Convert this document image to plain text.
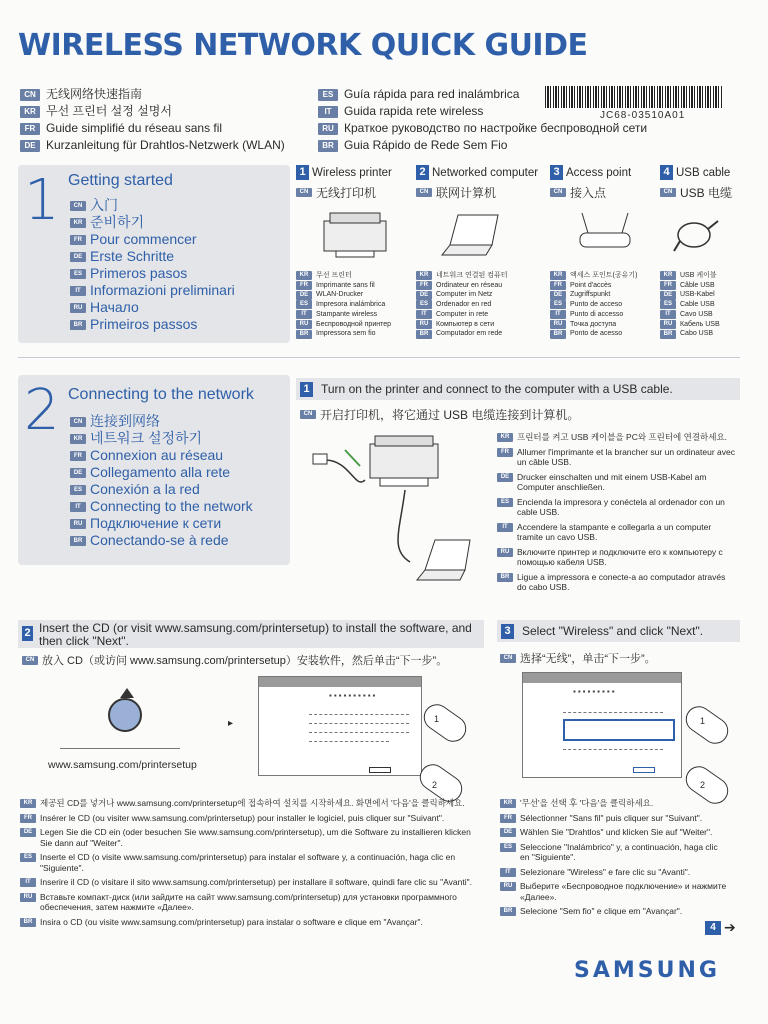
WIRELESS NETWORK QUICK GUIDE
CN 无线网络快速指南
KR 무선 프린터 설정 설명서
FR Guide simplifié du réseau sans fil
DE Kurzanleitung für Drahtlos-Netzwerk (WLAN)
ES Guía rápida para red inalámbrica
IT	Guida rapida rete wireless
RU Краткое руководство по настройке беспроводной сети
BR Guia Rápido de Rede Sem Fio
JC68-03510A01
1 Getting started
CN 入门
KR 준비하기
FR Pour commencer
DE Erste Schritte
ES Primeros pasos
IT Informazioni preliminari
RU Начало
BR Primeiros passos
1 Wireless printer
CN 无线打印机
KR	무선 프린터
FR	Imprimante sans fil
DE	WLAN-Drucker
ES	Impresora inalámbrica
IT	Stampante wireless
RU	Беспроводной принтер
BR	Impressora sem fio
2 Networked computer
CN 联网计算机
KR	네트워크 연결된 컴퓨터
FR	Ordinateur en réseau
DE	Computer im Netz
ES	Ordenador en red
IT	Computer in rete
RU	Компьютер в сети
BR	Computador em rede
3 Access point
CN 接入点
KR	액세스 포인트(공유기)
FR	Point d'accès
DE	Zugriffspunkt
ES	Punto de acceso
IT	Punto di accesso
RU	Точка доступа
BR	Ponto de acesso
4 USB cable
CN USB 电缆
KR	USB 케이블
FR	Câble USB
DE	USB-Kabel
ES	Cable USB
IT	Cavo USB
RU	Кабель USB
BR	Cabo USB
2 Connecting to the network
CN 连接到网络
KR 네트워크 설정하기
FR Connexion au réseau
DE Collegamento alla rete
ES Conexión a la red
IT Connecting to the network
RU Подключение к сети
BR Conectando-se à rede
1 Turn on the printer and connect to the computer with a USB cable.
CN 开启打印机，将它通过 USB 电缆连接到计算机。
KR 프린터를 켜고 USB 케이블을 PC와 프린터에 연결하세요.
FR Allumer l'imprimante et la brancher sur un ordinateur avec un câble USB.
DE Drucker einschalten und mit einem USB-Kabel am Computer anschließen.
ES Encienda la impresora y conéctela al ordenador con un cable USB.
IT	Accendere la stampante e collegarla a un computer tramite un cavo USB.
RU Включите принтер и подключите его к компьютеру с помощью кабеля USB.
BR Ligue a impressora e conecte-a ao computador através do cabo USB.
2 Insert the CD (or visit www.samsung.com/printersetup) to install the software, and then click "Next".
CN 放入 CD（或访问 www.samsung.com/printersetup）安装软件，然后单击“下一步”。
www.samsung.com/printersetup
▸
▪▪▪▪▪▪▪▪▪▪
1
2
KR 제공된 CD를 넣거나 www.samsung.com/printersetup에 접속하여 설치를 시작하세요. 화면에서 '다음'을 클릭하세요.
FR Insérer le CD (ou visiter www.samsung.com/printersetup) pour installer le logiciel, puis cliquer sur "Suivant".
DE Legen Sie die CD ein (oder besuchen Sie www.samsung.com/printersetup), um die Software zu installieren klicken Sie dann auf "Weiter".
ES Inserte el CD (o visite www.samsung.com/printersetup) para instalar el software y, a continuación, haga clic en "Siguiente".
IT	Inserire il CD (o visitare il sito www.samsung.com/printersetup) per installare il software, quindi fare clic su "Avanti".
RU Вставьте компакт-диск (или зайдите на сайт www.samsung.com/printersetup) для установки программного обеспечения, затем нажмите «Далее».
BR Insira o CD (ou visite www.samsung.com/printersetup) para instalar o software e clique em "Avançar".
3 Select "Wireless" and click "Next".
CN 选择“无线”，单击“下一步”。
▪▪▪▪▪▪▪▪▪
1
2
KR '무선'을 선택 후 '다음'을 클릭하세요.
FR Sélectionner "Sans fil" puis cliquer sur "Suivant".
DE Wählen Sie "Drahtlos" und klicken Sie auf "Weiter".
ES Seleccione "Inalámbrico" y, a continuación, haga clic en "Siguiente".
IT	Selezionare "Wireless" e fare clic su "Avanti".
RU Выберите «Беспроводное подключение» и нажмите «Далее».
BR Selecione "Sem fio" e clique em "Avançar".
4 ➔
SAMSUNG
